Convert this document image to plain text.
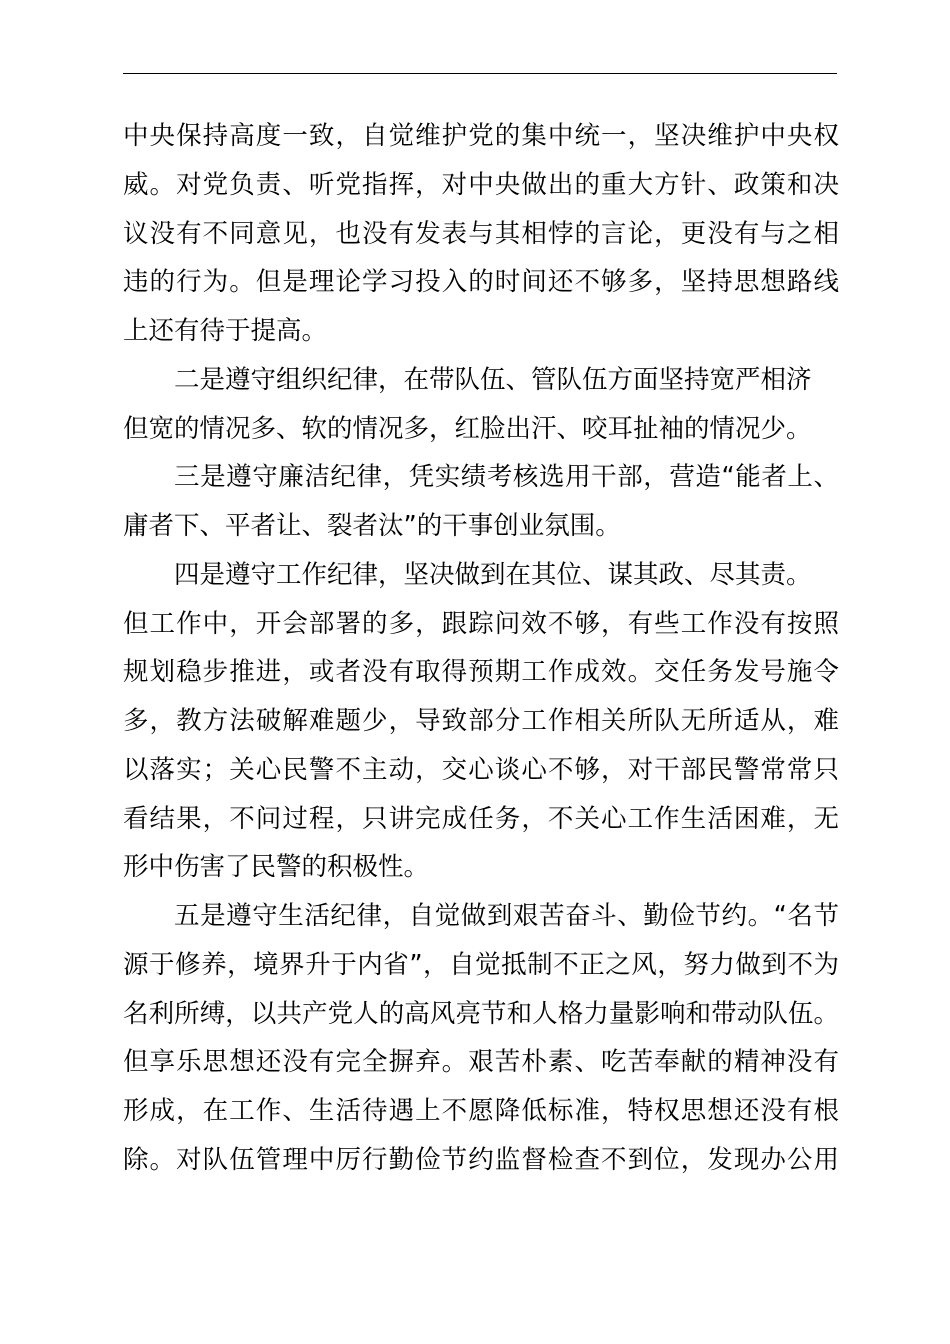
中央保持高度一致，自觉维护党的集中统一，坚决维护中央权
威。对党负责、听党指挥，对中央做出的重大方针、政策和决
议没有不同意见，也没有发表与其相悖的言论，更没有与之相
违的行为。但是理论学习投入的时间还不够多，坚持思想路线
上还有待于提高。
二是遵守组织纪律，在带队伍、管队伍方面坚持宽严相济
但宽的情况多、软的情况多，红脸出汗、咬耳扯袖的情况少。
三是遵守廉洁纪律，凭实绩考核选用干部，营造“能者上、
庸者下、平者让、裂者汰”的干事创业氛围。
四是遵守工作纪律，坚决做到在其位、谋其政、尽其责。
但工作中，开会部署的多，跟踪问效不够，有些工作没有按照
规划稳步推进，或者没有取得预期工作成效。交任务发号施令
多，教方法破解难题少，导致部分工作相关所队无所适从，难
以落实；关心民警不主动，交心谈心不够，对干部民警常常只
看结果，不问过程，只讲完成任务，不关心工作生活困难，无
形中伤害了民警的积极性。
五是遵守生活纪律，自觉做到艰苦奋斗、勤俭节约。“名节
源于修养，境界升于内省”，自觉抵制不正之风，努力做到不为
名利所缚，以共产党人的高风亮节和人格力量影响和带动队伍。
但享乐思想还没有完全摒弃。艰苦朴素、吃苦奉献的精神没有
形成，在工作、生活待遇上不愿降低标准，特权思想还没有根
除。对队伍管理中厉行勤俭节约监督检查不到位，发现办公用
